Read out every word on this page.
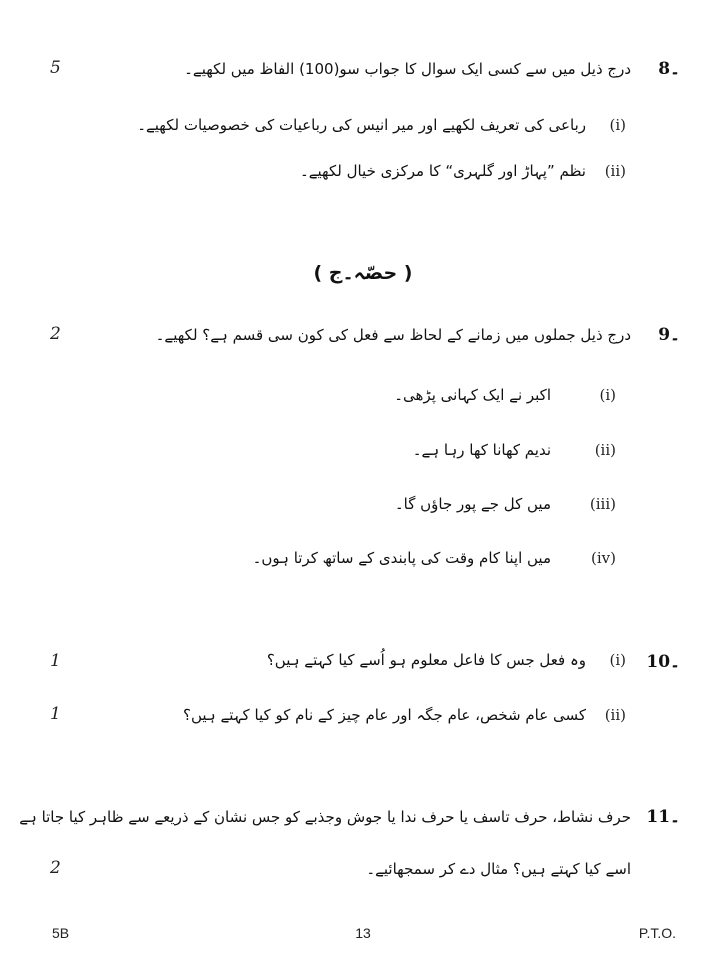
5	8۔
درج ذیل میں سے کسی ایک سوال کا جواب سو(100) الفاظ میں لکھیے۔
(i)
رباعی کی تعریف لکھیے اور میر انیس کی رباعیات کی خصوصیات لکھیے۔
(ii)
نظم ”پہاڑ اور گلہری“ کا مرکزی خیال لکھیے۔
( حصّہ۔ج )
2	9۔
درج ذیل جملوں میں زمانے کے لحاظ سے فعل کی کون سی قسم ہے؟ لکھیے۔
(i)
اکبر نے ایک کہانی پڑھی۔
(ii)
ندیم کھانا کھا رہا ہے۔
(iii)
میں کل جے پور جاؤں گا۔
(iv)
میں اپنا کام وقت کی پابندی کے ساتھ کرتا ہوں۔
10۔
1	(i)
وہ فعل جس کا فاعل معلوم ہو اُسے کیا کہتے ہیں؟
1	(ii)
کسی عام شخص، عام جگہ اور عام چیز کے نام کو کیا کہتے ہیں؟
11۔
حرف نشاط، حرف تاسف یا حرف ندا یا جوش وجذبے کو جس نشان کے ذریعے سے ظاہر کیا جاتا ہے
2	اسے کیا کہتے ہیں؟ مثال دے کر سمجھائیے۔
5B	13	P.T.O.
